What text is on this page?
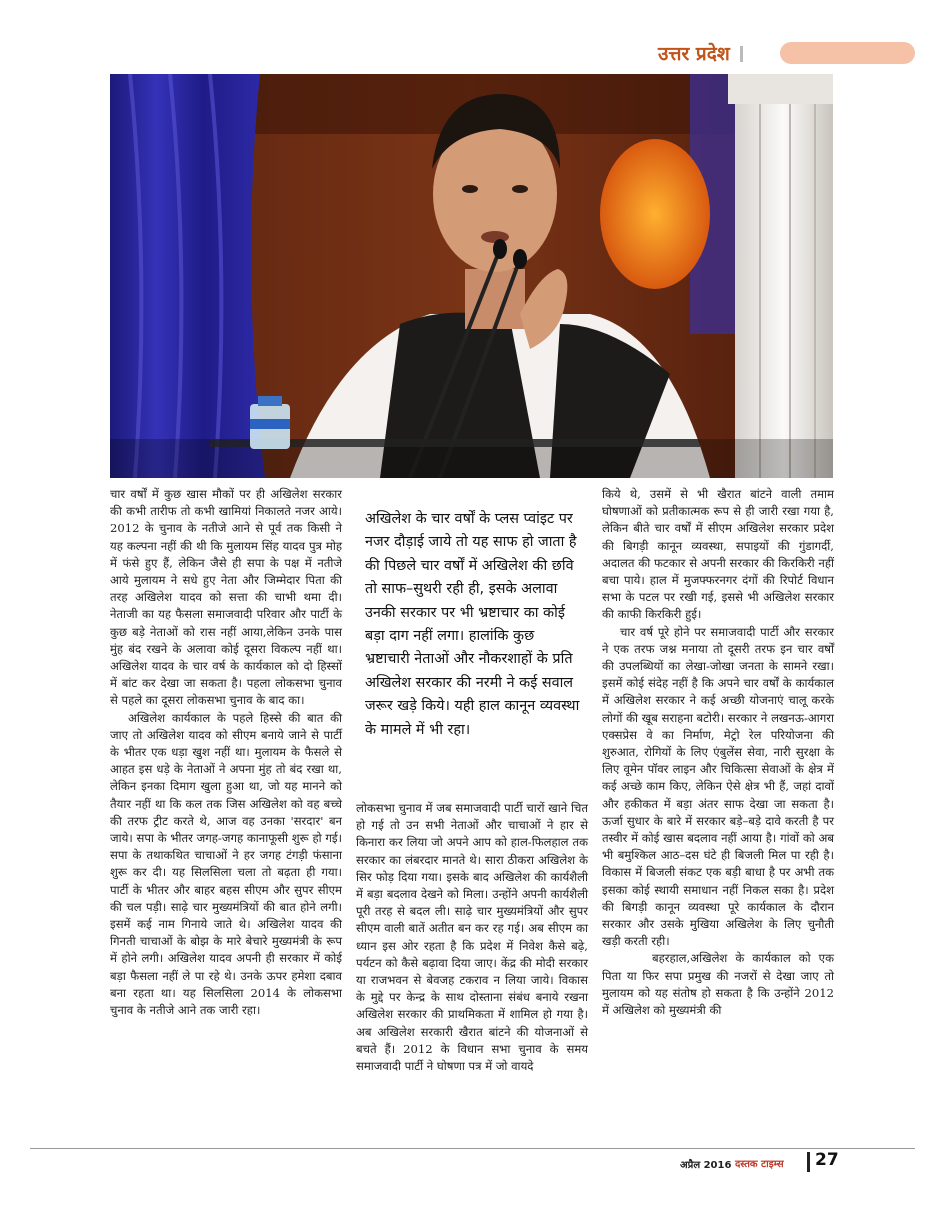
उत्तर प्रदेश

चार वर्षों में कुछ खास मौकों पर ही अखिलेश सरकार की कभी तारीफ तो कभी खामियां निकालते नजर आये। 2012 के चुनाव के नतीजे आने से पूर्व तक किसी ने यह कल्पना नहीं की थी कि मुलायम सिंह यादव पुत्र मोह में फंसे हुए हैं, लेकिन जैसे ही सपा के पक्ष में नतीजे आये मुलायम ने सधे हुए नेता और जिम्मेदार पिता की तरह अखिलेश यादव को सत्ता की चाभी थमा दी। नेताजी का यह फैसला समाजवादी परिवार और पार्टी के कुछ बड़े नेताओं को रास नहीं आया,लेकिन उनके पास मुंह बंद रखने के अलावा कोई दूसरा विकल्प नहीं था। अखिलेश यादव के चार वर्ष के कार्यकाल को दो हिस्सों में बांट कर देखा जा सकता है। पहला लोकसभा चुनाव से पहले का दूसरा लोकसभा चुनाव के बाद का।

अखिलेश कार्यकाल के पहले हिस्से की बात की जाए तो अखिलेश यादव को सीएम बनाये जाने से पार्टी के भीतर एक धड़ा खुश नहीं था। मुलायम के फैसले से आहत इस धड़े के नेताओं ने अपना मुंह तो बंद रखा था, लेकिन इनका दिमाग खुला हुआ था, जो यह मानने को तैयार नहीं था कि कल तक जिस अखिलेश को वह बच्चे की तरफ ट्रीट करते थे, आज वह उनका 'सरदार' बन जाये। सपा के भीतर जगह-जगह कानाफूसी शुरू हो गई। सपा के तथाकथित चाचाओं ने हर जगह टंगड़ी फंसाना शुरू कर दी। यह सिलसिला चला तो बढ़ता ही गया। पार्टी के भीतर और बाहर बहस सीएम और सुपर सीएम की चल पड़ी। साढ़े चार मुख्यमंत्रियों की बात होने लगी। इसमें कई नाम गिनाये जाते थे। अखिलेश यादव की गिनती चाचाओं के बोझ के मारे बेचारे मुख्यमंत्री के रूप में होने लगी। अखिलेश यादव अपनी ही सरकार में कोई बड़ा फैसला नहीं ले पा रहे थे। उनके ऊपर हमेशा दबाव बना रहता था। यह सिलसिला 2014 के लोकसभा चुनाव के नतीजे आने तक जारी रहा।

अखिलेश के चार वर्षों के प्लस प्वांइट पर नजर दौड़ाई जाये तो यह साफ हो जाता है की पिछले चार वर्षों में अखिलेश की छवि तो साफ–सुथरी रही ही, इसके अलावा उनकी सरकार पर भी भ्रष्टाचार का कोई बड़ा दाग नहीं लगा। हालांकि कुछ भ्रष्टाचारी नेताओं और नौकरशाहों के प्रति अखिलेश सरकार की नरमी ने कई सवाल जरूर खड़े किये। यही हाल कानून व्यवस्था के मामले में भी रहा।

लोकसभा चुनाव में जब समाजवादी पार्टी चारों खाने चित हो गई तो उन सभी नेताओं और चाचाओं ने हार से किनारा कर लिया जो अपने आप को हाल-फिलहाल तक सरकार का लंबरदार मानते थे। सारा ठीकरा अखिलेश के सिर फोड़ दिया गया। इसके बाद अखिलेश की कार्यशैली में बड़ा बदलाव देखने को मिला। उन्होंने अपनी कार्यशैली पूरी तरह से बदल ली। साढ़े चार मुख्यमंत्रियों और सुपर सीएम वाली बातें अतीत बन कर रह गई। अब सीएम का ध्यान इस ओर रहता है कि प्रदेश में निवेश कैसे बढ़े, पर्यटन को कैसे बढ़ावा दिया जाए। केंद्र की मोदी सरकार या राजभवन से बेवजह टकराव न लिया जाये। विकास के मुद्दे पर केन्द्र के साथ दोस्ताना संबंध बनाये रखना अखिलेश सरकार की प्राथमिकता में शामिल हो गया है। अब अखिलेश सरकारी खैरात बांटने की योजनाओं से बचते हैं। 2012 के विधान सभा चुनाव के समय समाजवादी पार्टी ने घोषणा पत्र में जो वायदे

किये थे, उसमें से भी खैरात बांटने वाली तमाम घोषणाओं को प्रतीकात्मक रूप से ही जारी रखा गया है, लेकिन बीते चार वर्षों में सीएम अखिलेश सरकार प्रदेश की बिगड़ी कानून व्यवस्था, सपाइयों की गुंडागर्दी, अदालत की फटकार से अपनी सरकार की किरकिरी नहीं बचा पाये। हाल में मुजफ्फरनगर दंगों की रिपोर्ट विधान सभा के पटल पर रखी गई, इससे भी अखिलेश सरकार की काफी किरकिरी हुई।

चार वर्ष पूरे होने पर समाजवादी पार्टी और सरकार ने एक तरफ जश्न मनाया तो दूसरी तरफ इन चार वर्षों की उपलब्धियों का लेखा-जोखा जनता के सामने रखा। इसमें कोई संदेह नहीं है कि अपने चार वर्षों के कार्यकाल में अखिलेश सरकार ने कई अच्छी योजनाएं चालू करके लोगों की खूब सराहना बटोरी। सरकार ने लखनऊ-आगरा एक्सप्रेस वे का निर्माण, मेट्रो रेल परियोजना की शुरुआत, रोगियों के लिए एंबुलेंस सेवा, नारी सुरक्षा के लिए वूमेन पॉवर लाइन और चिकित्सा सेवाओं के क्षेत्र में कई अच्छे काम किए, लेकिन ऐसे क्षेत्र भी हैं, जहां दावों और हकीकत में बड़ा अंतर साफ देखा जा सकता है। ऊर्जा सुधार के बारे में सरकार बड़े–बड़े दावे करती है पर तस्वीर में कोई खास बदलाव नहीं आया है। गांवों को अब भी बमुश्किल आठ–दस घंटे ही बिजली मिल पा रही है। विकास में बिजली संकट एक बड़ी बाधा है पर अभी तक इसका कोई स्थायी समाधान नहीं निकल सका है। प्रदेश की बिगड़ी कानून व्यवस्था पूरे कार्यकाल के दौरान सरकार और उसके मुखिया अखिलेश के लिए चुनौती खड़ी करती रही।

बहरहाल,अखिलेश के कार्यकाल को एक पिता या फिर सपा प्रमुख की नजरों से देखा जाए तो मुलायम को यह संतोष हो सकता है कि उन्होंने 2012 में अखिलेश को मुख्यमंत्री की

अप्रैल 2016 दस्तक टाइम्स 27
